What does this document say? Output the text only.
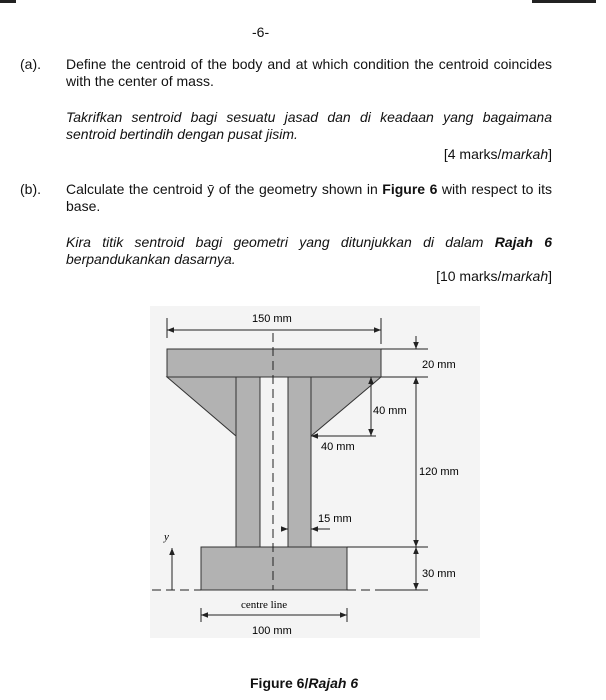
-6-
(a). Define the centroid of the body and at which condition the centroid coincides with the center of mass.
Takrifkan sentroid bagi sesuatu jasad dan di keadaan yang bagaimana sentroid bertindih dengan pusat jisim.
[4 marks/markah]
(b). Calculate the centroid ȳ of the geometry shown in Figure 6 with respect to its base.
Kira titik sentroid bagi geometri yang ditunjukkan di dalam Rajah 6 berpandukankan dasarnya.
[10 marks/markah]
y
150 mm
20 mm
120 mm
30 mm
40 mm
40 mm
15 mm
centre line
100 mm
Figure 6/Rajah 6
